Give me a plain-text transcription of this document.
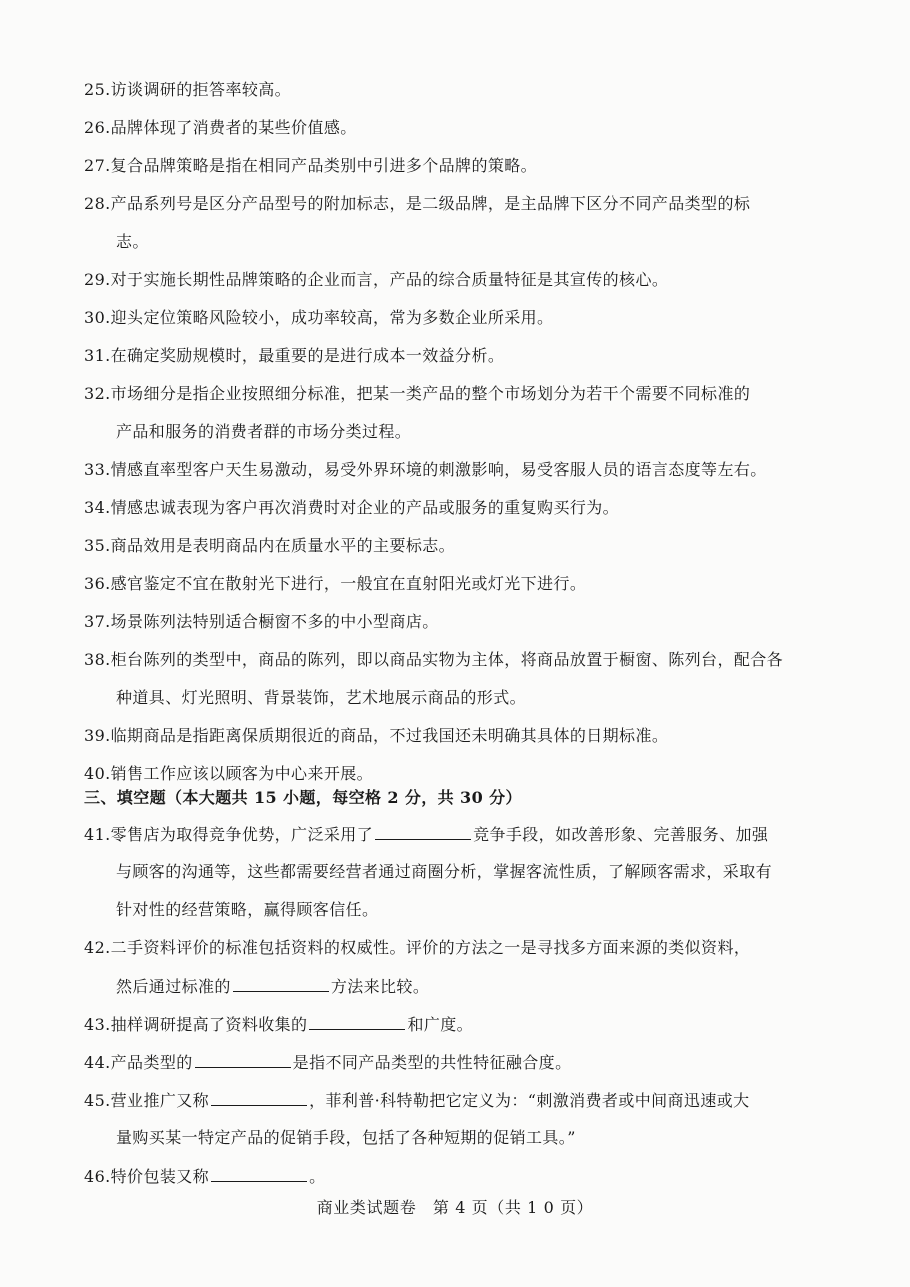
25.访谈调研的拒答率较高。
26.品牌体现了消费者的某些价值感。
27.复合品牌策略是指在相同产品类别中引进多个品牌的策略。
28.产品系列号是区分产品型号的附加标志，是二级品牌，是主品牌下区分不同产品类型的标
志。
29.对于实施长期性品牌策略的企业而言，产品的综合质量特征是其宣传的核心。
30.迎头定位策略风险较小，成功率较高，常为多数企业所采用。
31.在确定奖励规模时，最重要的是进行成本一效益分析。
32.市场细分是指企业按照细分标准，把某一类产品的整个市场划分为若干个需要不同标准的
产品和服务的消费者群的市场分类过程。
33.情感直率型客户天生易激动，易受外界环境的刺激影响，易受客服人员的语言态度等左右。
34.情感忠诚表现为客户再次消费时对企业的产品或服务的重复购买行为。
35.商品效用是表明商品内在质量水平的主要标志。
36.感官鉴定不宜在散射光下进行，一般宜在直射阳光或灯光下进行。
37.场景陈列法特别适合橱窗不多的中小型商店。
38.柜台陈列的类型中，商品的陈列，即以商品实物为主体，将商品放置于橱窗、陈列台，配合各
种道具、灯光照明、背景装饰，艺术地展示商品的形式。
39.临期商品是指距离保质期很近的商品，不过我国还未明确其具体的日期标准。
40.销售工作应该以顾客为中心来开展。
三、填空题（本大题共 15 小题，每空格 2 分，共 30 分）
41.零售店为取得竞争优势，广泛采用了	竞争手段，如改善形象、完善服务、加强
与顾客的沟通等，这些都需要经营者通过商圈分析，掌握客流性质，了解顾客需求，采取有
针对性的经营策略，赢得顾客信任。
42.二手资料评价的标准包括资料的权威性。评价的方法之一是寻找多方面来源的类似资料，
然后通过标准的	方法来比较。
43.抽样调研提高了资料收集的	和广度。
44.产品类型的	是指不同产品类型的共性特征融合度。
45.营业推广又称	，菲利普·科特勒把它定义为：“刺激消费者或中间商迅速或大
量购买某一特定产品的促销手段，包括了各种短期的促销工具。”
46.特价包装又称	。
商业类试题卷　第 4 页（共 1 0 页）
